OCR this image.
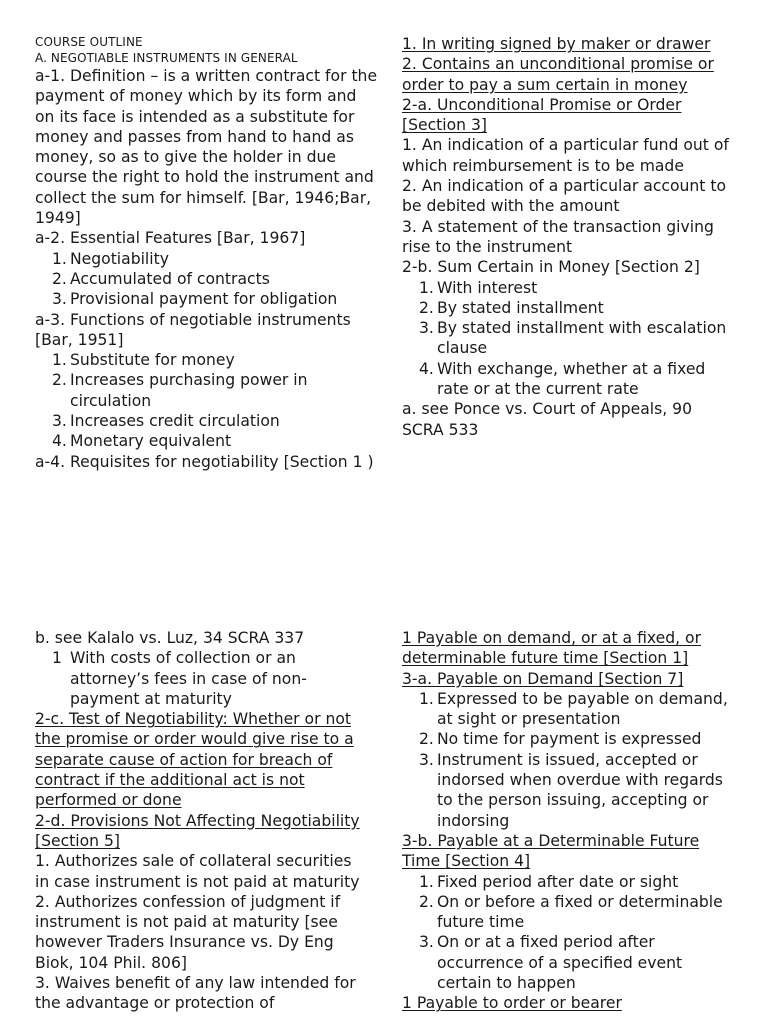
COURSE OUTLINE
A. NEGOTIABLE INSTRUMENTS IN GENERAL

a-1. Definition – is a written contract for the payment of money which by its form and on its face is intended as a substitute for money and passes from hand to hand as money, so as to give the holder in due course the right to hold the instrument and collect the sum for himself. [Bar, 1946;Bar, 1949]

a-2. Essential Features [Bar, 1967]

1. Negotiability
2. Accumulated of contracts
3. Provisional payment for obligation

a-3. Functions of negotiable instruments [Bar, 1951]

1. Substitute for money
2. Increases purchasing power in circulation
3. Increases credit circulation
4. Monetary equivalent

a-4. Requisites for negotiability [Section 1 )

1. In writing signed by maker or drawer

2. Contains an unconditional promise or order to pay a sum certain in money

2-a. Unconditional Promise or Order [Section 3]

1. An indication of a particular fund out of which reimbursement is to be made

2. An indication of a particular account to be debited with the amount

3. A statement of the transaction giving rise to the instrument

2-b. Sum Certain in Money [Section 2]

1. With interest
2. By stated installment
3. By stated installment with escalation clause
4. With exchange, whether at a fixed rate or at the current rate

a. see Ponce vs. Court of Appeals, 90 SCRA 533

b. see Kalalo vs. Luz, 34 SCRA 337

1 With costs of collection or an attorney’s fees in case of non-payment at maturity

2-c. Test of Negotiability: Whether or not the promise or order would give rise to a separate cause of action for breach of contract if the additional act is not performed or done

2-d. Provisions Not Affecting Negotiability [Section 5]

1. Authorizes sale of collateral securities in case instrument is not paid at maturity

2. Authorizes confession of judgment if instrument is not paid at maturity [see however Traders Insurance vs. Dy Eng Biok, 104 Phil. 806]

3. Waives benefit of any law intended for the advantage or protection of

1 Payable on demand, or at a fixed, or determinable future time [Section 1]

3-a. Payable on Demand [Section 7]

1. Expressed to be payable on demand, at sight or presentation
2. No time for payment is expressed
3. Instrument is issued, accepted or indorsed when overdue with regards to the person issuing, accepting or indorsing

3-b. Payable at a Determinable Future Time [Section 4]

1. Fixed period after date or sight
2. On or before a fixed or determinable future time
3. On or at a fixed period after occurrence of a specified event certain to happen

1 Payable to order or bearer
